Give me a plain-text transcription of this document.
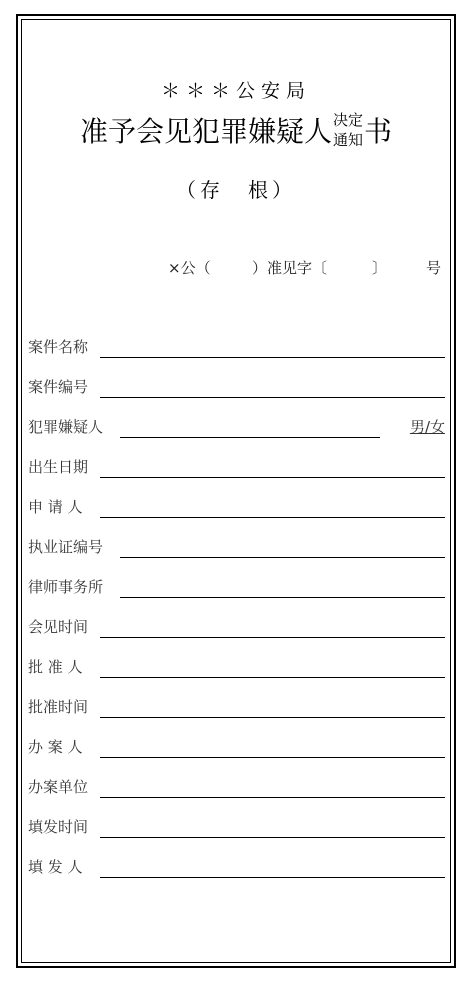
＊＊＊公安局
准予会见犯罪嫌疑人决定
通知书
（存　根）
×公（	）准见字〔	〕	号
案件名称
案件编号
犯罪嫌疑人	男/女
出生日期
申 请 人
执业证编号
律师事务所
会见时间
批 准 人
批准时间
办 案 人
办案单位
填发时间
填 发 人
